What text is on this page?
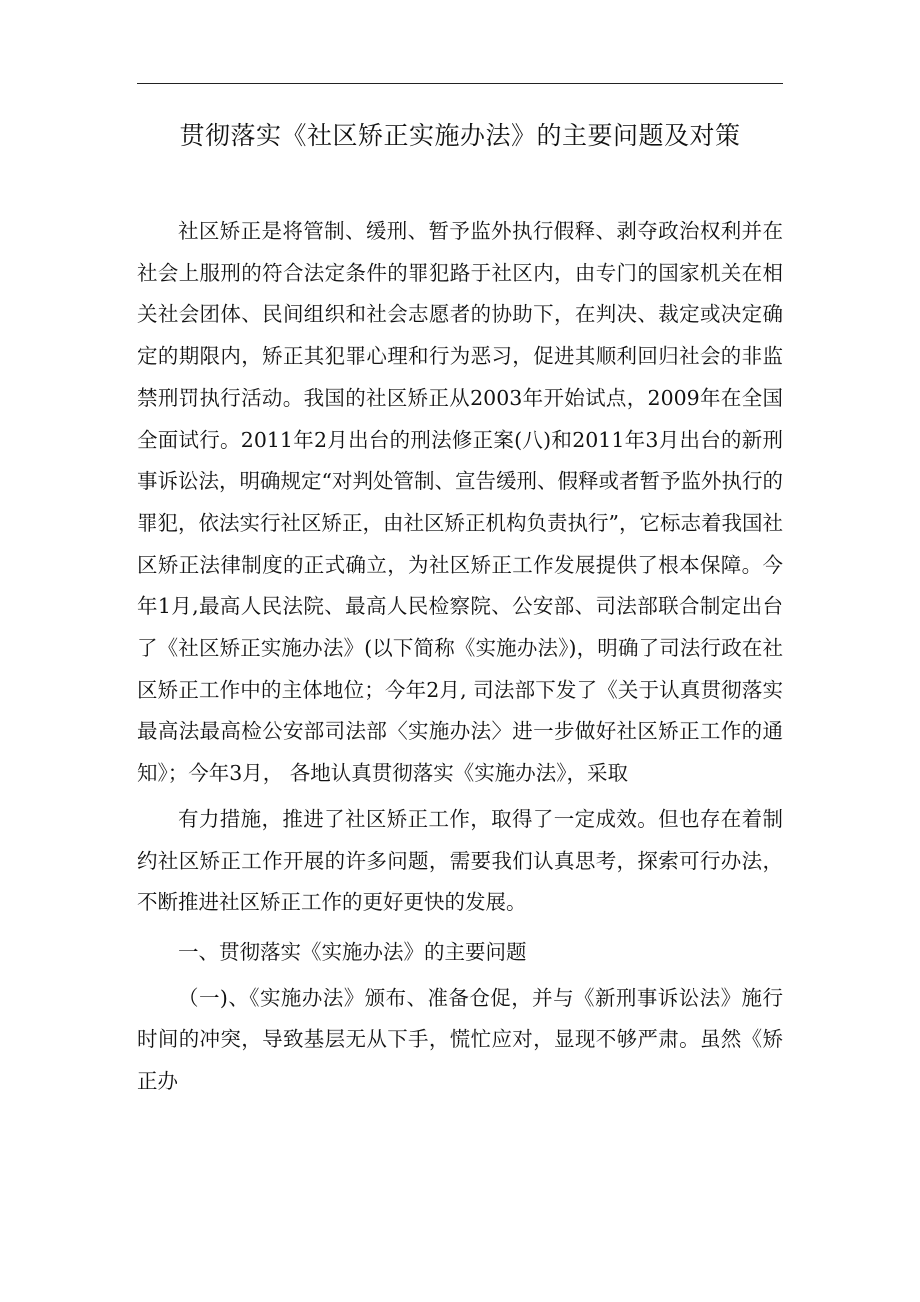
贯彻落实《社区矫正实施办法》的主要问题及对策

社区矫正是将管制、缓刑、暂予监外执行假释、剥夺政治权利并在社会上服刑的符合法定条件的罪犯路于社区内，由专门的国家机关在相关社会团体、民间组织和社会志愿者的协助下，在判决、裁定或决定确定的期限内，矫正其犯罪心理和行为恶习，促进其顺利回归社会的非监禁刑罚执行活动。我国的社区矫正从2003年开始试点，2009年在全国全面试行。2011年2月出台的刑法修正案(八)和2011年3月出台的新刑事诉讼法，明确规定“对判处管制、宣告缓刑、假释或者暂予监外执行的罪犯，依法实行社区矫正，由社区矫正机构负责执行”，它标志着我国社区矫正法律制度的正式确立，为社区矫正工作发展提供了根本保障。今年1月,最高人民法院、最高人民检察院、公安部、司法部联合制定出台了《社区矫正实施办法》(以下简称《实施办法》)，明确了司法行政在社区矫正工作中的主体地位；今年2月, 司法部下发了《关于认真贯彻落实最高法最高检公安部司法部〈实施办法〉进一步做好社区矫正工作的通知》；今年3月， 各地认真贯彻落实《实施办法》，采取

有力措施，推进了社区矫正工作，取得了一定成效。但也存在着制约社区矫正工作开展的许多问题，需要我们认真思考，探索可行办法，不断推进社区矫正工作的更好更快的发展。

一、贯彻落实《实施办法》的主要问题

（一)、《实施办法》颁布、准备仓促，并与《新刑事诉讼法》施行时间的冲突，导致基层无从下手，慌忙应对，显现不够严肃。虽然《矫正办
